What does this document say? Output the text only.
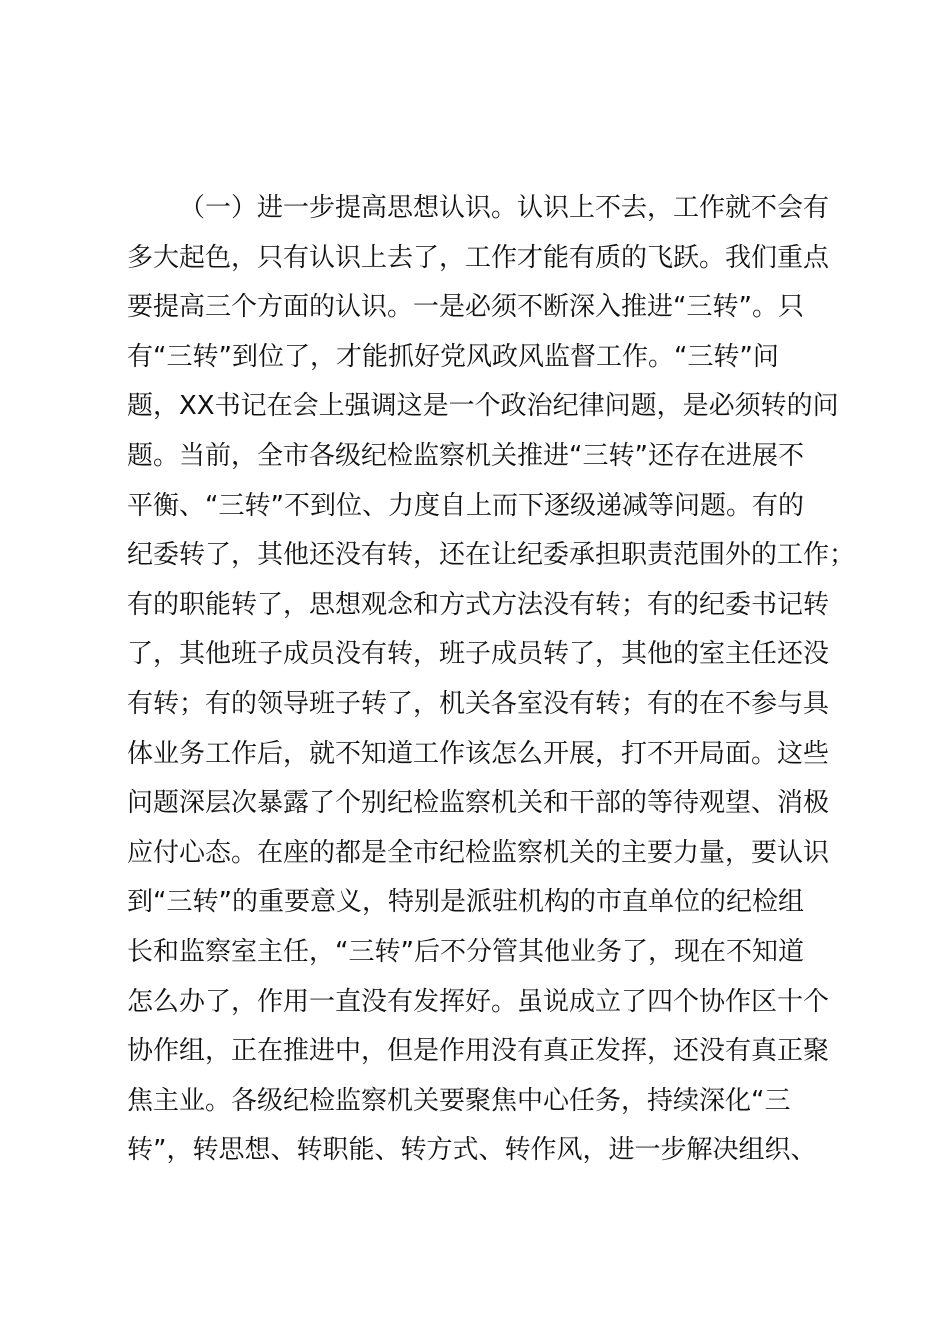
（一）进一步提高思想认识。认识上不去，工作就不会有
多大起色，只有认识上去了，工作才能有质的飞跃。我们重点
要提高三个方面的认识。一是必须不断深入推进“三转”。只
有“三转”到位了，才能抓好党风政风监督工作。“三转”问
题，XX书记在会上强调这是一个政治纪律问题，是必须转的问
题。当前，全市各级纪检监察机关推进“三转”还存在进展不
平衡、“三转”不到位、力度自上而下逐级递减等问题。有的
纪委转了，其他还没有转，还在让纪委承担职责范围外的工作；
有的职能转了，思想观念和方式方法没有转；有的纪委书记转
了，其他班子成员没有转，班子成员转了，其他的室主任还没
有转；有的领导班子转了，机关各室没有转；有的在不参与具
体业务工作后，就不知道工作该怎么开展，打不开局面。这些
问题深层次暴露了个别纪检监察机关和干部的等待观望、消极
应付心态。在座的都是全市纪检监察机关的主要力量，要认识
到“三转”的重要意义，特别是派驻机构的市直单位的纪检组
长和监察室主任，“三转”后不分管其他业务了，现在不知道
怎么办了，作用一直没有发挥好。虽说成立了四个协作区十个
协作组，正在推进中，但是作用没有真正发挥，还没有真正聚
焦主业。各级纪检监察机关要聚焦中心任务，持续深化“三
转”，转思想、转职能、转方式、转作风，进一步解决组织、
